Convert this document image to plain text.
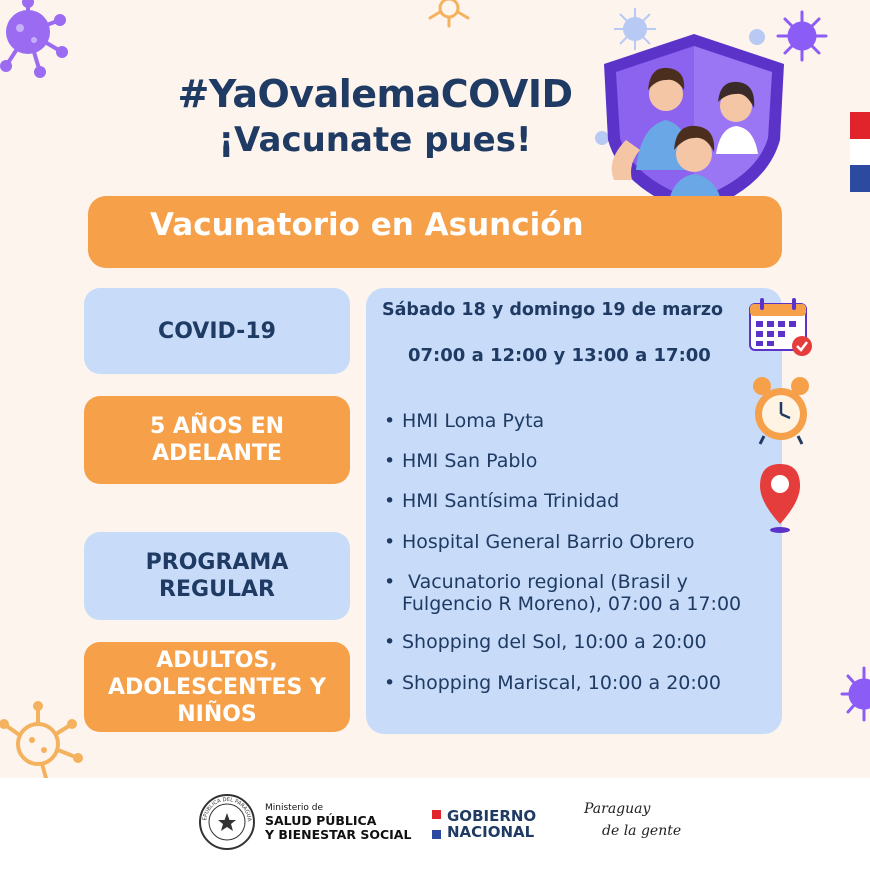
#YaOvalemaCOVID
¡Vacunate pues!
Vacunatorio en Asunción
COVID-19
5 AÑOS EN ADELANTE
PROGRAMA REGULAR
ADULTOS, ADOLESCENTES Y NIÑOS
Sábado 18 y domingo 19 de marzo
07:00 a 12:00 y 13:00 a 17:00
• HMI Loma Pyta
• HMI San Pablo
• HMI Santísima Trinidad
• Hospital General Barrio Obrero
•  Vacunatorio regional (Brasil y Fulgencio R Moreno), 07:00 a 17:00
• Shopping del Sol, 10:00 a 20:00
• Shopping Mariscal, 10:00 a 20:00
EPUBLICA DEL PARAGUA
Ministerio de
SALUD PÚBLICA
Y BIENESTAR SOCIAL
GOBIERNO
NACIONAL
Paraguay
de la gente
